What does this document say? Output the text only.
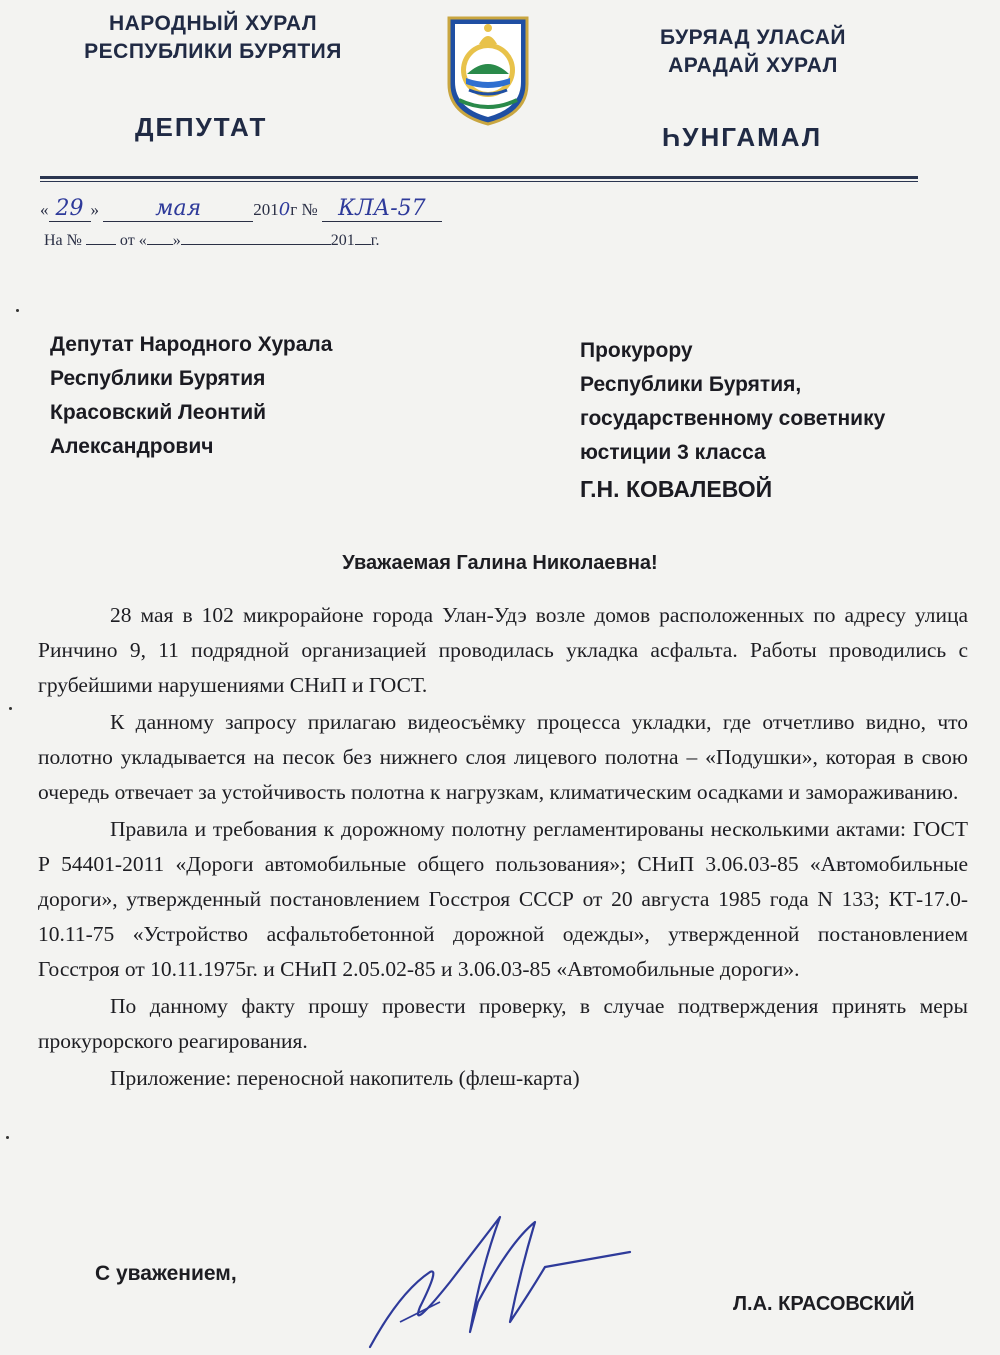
НАРОДНЫЙ ХУРАЛ
РЕСПУБЛИКИ БУРЯТИЯ
ДЕПУТАТ
БУРЯАД УЛАСАЙ
АРАДАЙ ХУРАЛ
ҺУНГАМАЛ
« 29 »	мая	2010г № КЛА-57
На № от « »	201 г.
Депутат Народного Хурала
Республики Бурятия
Красовский Леонтий
Александрович
Прокурору
Республики Бурятия,
государственному советнику
юстиции 3 класса
Г.Н. КОВАЛЕВОЙ
Уважаемая Галина Николаевна!

28 мая в 102 микрорайоне города Улан-Удэ возле домов расположенных по адресу улица Ринчино 9, 11 подрядной организацией проводилась укладка асфальта. Работы проводились с грубейшими нарушениями СНиП и ГОСТ.

К данному запросу прилагаю видеосъёмку процесса укладки, где отчетливо видно, что полотно укладывается на песок без нижнего слоя лицевого полотна – «Подушки», которая в свою очередь отвечает за устойчивость полотна к нагрузкам, климатическим осадками и замораживанию.

Правила и требования к дорожному полотну регламентированы несколькими актами: ГОСТ Р 54401-2011 «Дороги автомобильные общего пользования»; СНиП 3.06.03-85 «Автомобильные дороги», утвержденный постановлением Госстроя СССР от 20 августа 1985 года N 133; КТ-17.0-10.11-75 «Устройство асфальтобетонной дорожной одежды», утвержденной постановлением Госстроя от 10.11.1975г. и СНиП 2.05.02-85 и 3.06.03-85 «Автомобильные дороги».

По данному факту прошу провести проверку, в случае подтверждения принять меры прокурорского реагирования.

Приложение: переносной накопитель (флеш-карта)

С уважением,
Л.А. КРАСОВСКИЙ
